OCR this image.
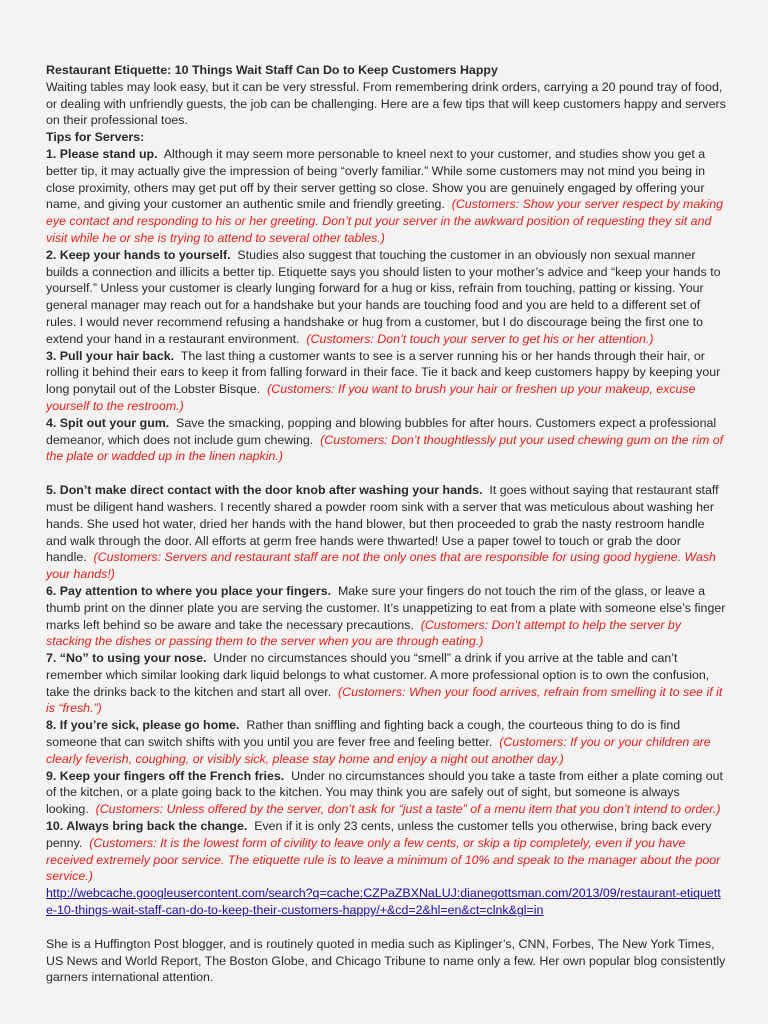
Restaurant Etiquette: 10 Things Wait Staff Can Do to Keep Customers Happy

Waiting tables may look easy, but it can be very stressful. From remembering drink orders, carrying a 20 pound tray of food, or dealing with unfriendly guests, the job can be challenging. Here are a few tips that will keep customers happy and servers on their professional toes.

Tips for Servers:

1. Please stand up. Although it may seem more personable to kneel next to your customer, and studies show you get a better tip, it may actually give the impression of being “overly familiar.” While some customers may not mind you being in close proximity, others may get put off by their server getting so close. Show you are genuinely engaged by offering your name, and giving your customer an authentic smile and friendly greeting. (Customers: Show your server respect by making eye contact and responding to his or her greeting. Don’t put your server in the awkward position of requesting they sit and visit while he or she is trying to attend to several other tables.)

2. Keep your hands to yourself. Studies also suggest that touching the customer in an obviously non sexual manner builds a connection and illicits a better tip. Etiquette says you should listen to your mother’s advice and “keep your hands to yourself.” Unless your customer is clearly lunging forward for a hug or kiss, refrain from touching, patting or kissing. Your general manager may reach out for a handshake but your hands are touching food and you are held to a different set of rules. I would never recommend refusing a handshake or hug from a customer, but I do discourage being the first one to extend your hand in a restaurant environment. (Customers: Don’t touch your server to get his or her attention.)

3. Pull your hair back. The last thing a customer wants to see is a server running his or her hands through their hair, or rolling it behind their ears to keep it from falling forward in their face. Tie it back and keep customers happy by keeping your long ponytail out of the Lobster Bisque. (Customers: If you want to brush your hair or freshen up your makeup, excuse yourself to the restroom.)

4. Spit out your gum. Save the smacking, popping and blowing bubbles for after hours. Customers expect a professional demeanor, which does not include gum chewing. (Customers: Don’t thoughtlessly put your used chewing gum on the rim of the plate or wadded up in the linen napkin.)

5. Don’t make direct contact with the door knob after washing your hands. It goes without saying that restaurant staff must be diligent hand washers. I recently shared a powder room sink with a server that was meticulous about washing her hands. She used hot water, dried her hands with the hand blower, but then proceeded to grab the nasty restroom handle and walk through the door. All efforts at germ free hands were thwarted! Use a paper towel to touch or grab the door handle. (Customers: Servers and restaurant staff are not the only ones that are responsible for using good hygiene. Wash your hands!)

6. Pay attention to where you place your fingers. Make sure your fingers do not touch the rim of the glass, or leave a thumb print on the dinner plate you are serving the customer. It’s unappetizing to eat from a plate with someone else’s finger marks left behind so be aware and take the necessary precautions. (Customers: Don’t attempt to help the server by stacking the dishes or passing them to the server when you are through eating.)

7. “No” to using your nose. Under no circumstances should you “smell” a drink if you arrive at the table and can’t remember which similar looking dark liquid belongs to what customer. A more professional option is to own the confusion, take the drinks back to the kitchen and start all over. (Customers: When your food arrives, refrain from smelling it to see if it is “fresh.”)

8. If you’re sick, please go home. Rather than sniffling and fighting back a cough, the courteous thing to do is find someone that can switch shifts with you until you are fever free and feeling better. (Customers: If you or your children are clearly feverish, coughing, or visibly sick, please stay home and enjoy a night out another day.)

9. Keep your fingers off the French fries. Under no circumstances should you take a taste from either a plate coming out of the kitchen, or a plate going back to the kitchen. You may think you are safely out of sight, but someone is always looking. (Customers: Unless offered by the server, don’t ask for “just a taste” of a menu item that you don’t intend to order.)

10. Always bring back the change. Even if it is only 23 cents, unless the customer tells you otherwise, bring back every penny. (Customers: It is the lowest form of civility to leave only a few cents, or skip a tip completely, even if you have received extremely poor service. The etiquette rule is to leave a minimum of 10% and speak to the manager about the poor service.)

http://webcache.googleusercontent.com/search?q=cache:CZPaZBXNaLUJ:dianegottsman.com/2013/09/restaurant-etiquette-10-things-wait-staff-can-do-to-keep-their-customers-happy/+&cd=2&hl=en&ct=clnk&gl=in

She is a Huffington Post blogger, and is routinely quoted in media such as Kiplinger’s, CNN, Forbes, The New York Times, US News and World Report, The Boston Globe, and Chicago Tribune to name only a few. Her own popular blog consistently garners international attention.
